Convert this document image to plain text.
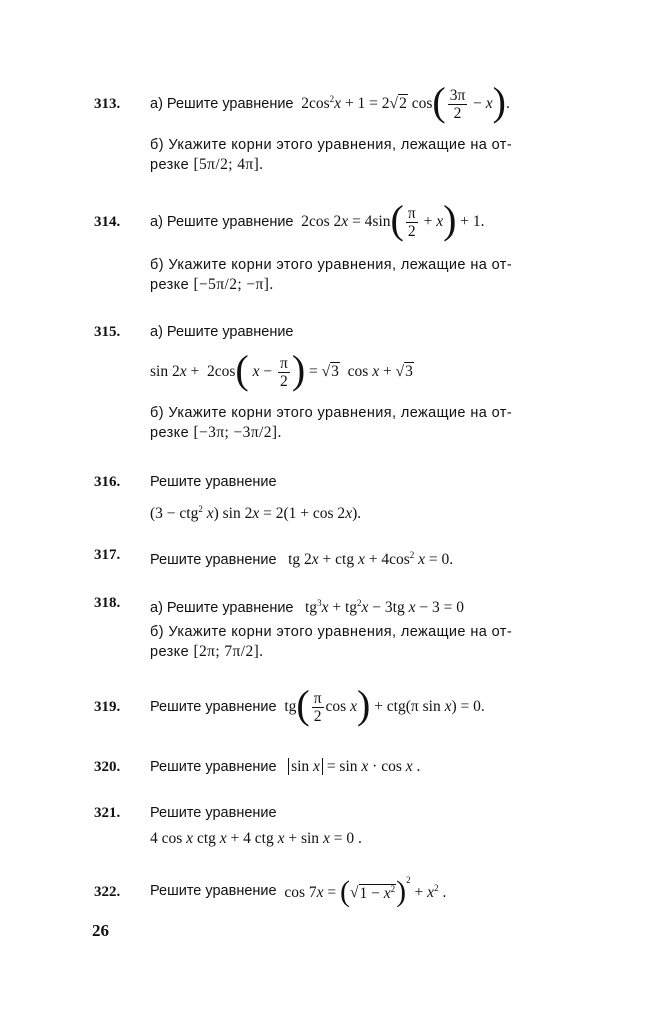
313. а) Решите уравнение $2\cos^2x + 1 = 2√2$ $\cos( \frac{3\pi}{2} - x)$.
б) Укажите корни этого уравнения, лежащие на от-
резке [5π/2; 4π].
314. а) Решите уравнение 2cos $2x = 4\sin( \frac{\pi}{2} + x) + 1$.
б) Укажите корни этого уравнения, лежащие на от-
резке [−5π/2; −π].
315. а) Решите уравнение
sin 2x +  2cos( $x - \frac{\pi}{2}$ ) = √3  cos x + √3
б) Укажите корни этого уравнения, лежащие на от-
резке [−3π; −3π/2].
316. Решите уравнение
(3 − ctg$^2$ x) sin 2x = 2(1 + cos 2x).
317. Решите уравнение   tg 2x + ctg $x + 4\cos^2$ x = 0.
318. а) Решите уравнение   $tg^3x + tg^2x - 3tg$ x − 3 = 0
б) Укажите корни этого уравнения, лежащие на от-
резке [2π; 7π/2].
319. Решите уравнение $tg( \frac{\pi}{2}$ cos x) + ctg(π sin x) = 0.
320. Решите уравнение sin x = sin x · cos x .
321. Решите уравнение
4 cos x ctg x + 4 ctg x + sin x = 0 .
322. Решите уравнение $\cos 7x = (√1 - x^2)^2 + x^2$ .
26
